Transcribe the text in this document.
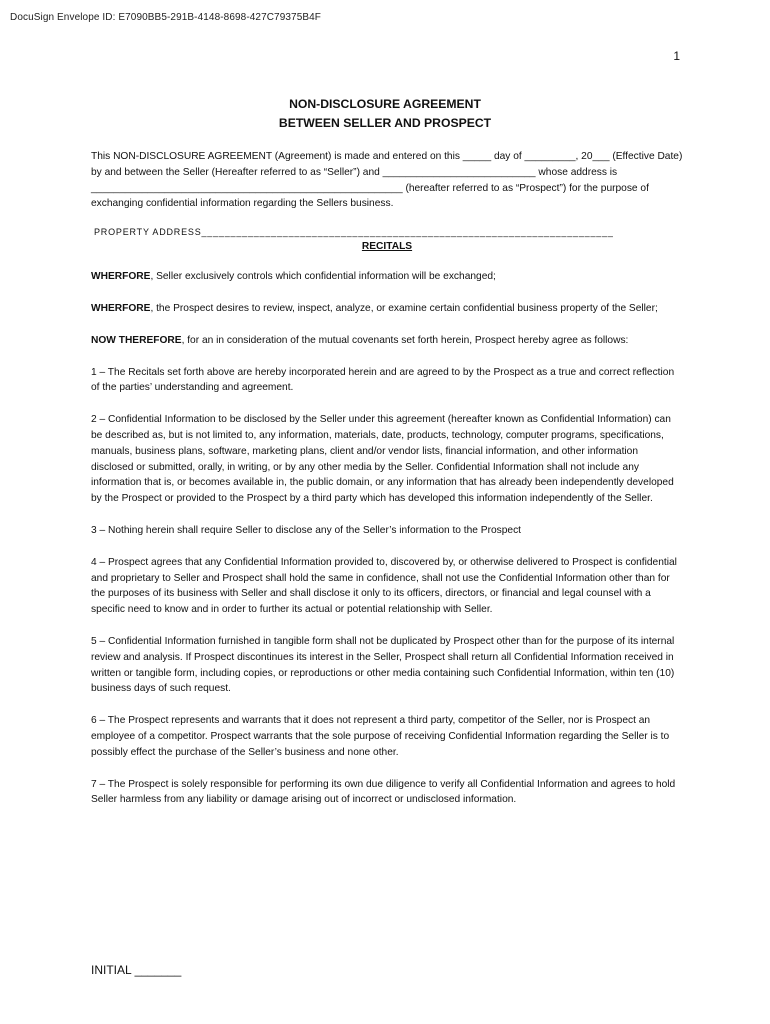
DocuSign Envelope ID: E7090BB5-291B-4148-8698-427C79375B4F
1
NON-DISCLOSURE AGREEMENT
BETWEEN SELLER AND PROSPECT

This NON-DISCLOSURE AGREEMENT (Agreement) is made and entered on this _____ day of _________, 20___ (Effective Date) by and between the Seller (Hereafter referred to as “Seller”) and ___________________________ whose address is _______________________________________________________ (hereafter referred to as “Prospect”) for the purpose of exchanging confidential information regarding the Sellers business.

PROPERTY ADDRESS_______________________________________________________________________
RECITALS

WHERFORE, Seller exclusively controls which confidential information will be exchanged;

WHERFORE, the Prospect desires to review, inspect, analyze, or examine certain confidential business property of the Seller;

NOW THEREFORE, for an in consideration of the mutual covenants set forth herein, Prospect hereby agree as follows:

1 – The Recitals set forth above are hereby incorporated herein and are agreed to by the Prospect as a true and correct reflection of the parties’ understanding and agreement.

2 – Confidential Information to be disclosed by the Seller under this agreement (hereafter known as Confidential Information) can be described as, but is not limited to, any information, materials, date, products, technology, computer programs, specifications, manuals, business plans, software, marketing plans, client and/or vendor lists, financial information, and other information disclosed or submitted, orally, in writing, or by any other media by the Seller. Confidential Information shall not include any information that is, or becomes available in, the public domain, or any information that has already been independently developed by the Prospect or provided to the Prospect by a third party which has developed this information independently of the Seller.

3 – Nothing herein shall require Seller to disclose any of the Seller’s information to the Prospect

4 – Prospect agrees that any Confidential Information provided to, discovered by, or otherwise delivered to Prospect is confidential and proprietary to Seller and Prospect shall hold the same in confidence, shall not use the Confidential Information other than for the purposes of its business with Seller and shall disclose it only to its officers, directors, or financial and legal counsel with a specific need to know and in order to further its actual or potential relationship with Seller.

5 – Confidential Information furnished in tangible form shall not be duplicated by Prospect other than for the purpose of its internal review and analysis. If Prospect discontinues its interest in the Seller, Prospect shall return all Confidential Information received in written or tangible form, including copies, or reproductions or other media containing such Confidential Information, within ten (10) business days of such request.

6 – The Prospect represents and warrants that it does not represent a third party, competitor of the Seller, nor is Prospect an employee of a competitor. Prospect warrants that the sole purpose of receiving Confidential Information regarding the Seller is to possibly effect the purchase of the Seller’s business and none other.

7 – The Prospect is solely responsible for performing its own due diligence to verify all Confidential Information and agrees to hold Seller harmless from any liability or damage arising out of incorrect or undisclosed information.

INITIAL _______
